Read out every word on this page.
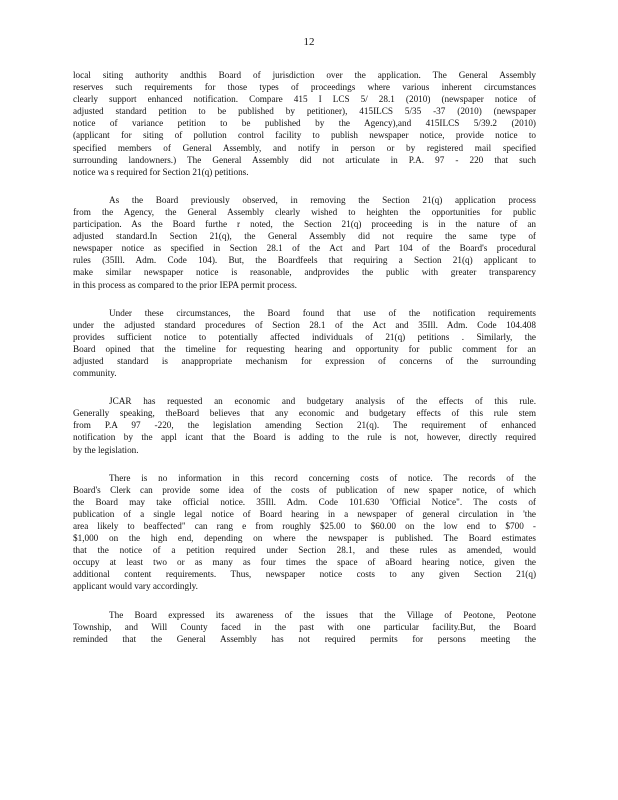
12

local siting authority andthis Board of jurisdiction over the application. The General Assembly
reserves such requirements for those types of proceedings where various inherent circumstances
clearly support enhanced notification. Compare 415 I LCS 5/ 28.1 (2010) (newspaper notice of
adjusted standard petition to be published by petitioner), 415ILCS 5/35 -37 (2010) (newspaper
notice of variance petition to be published by the Agency),and 415ILCS 5/39.2 (2010)
(applicant for siting of pollution control facility to publish newspaper notice, provide notice to
specified members of General Assembly, and notify in person or by registered mail specified
surrounding landowners.) The General Assembly did not articulate in P.A. 97 - 220 that such
notice wa s required for Section 21(q) petitions.

As the Board previously observed, in removing the Section 21(q) application process
from the Agency, the General Assembly clearly wished to heighten the opportunities for public
participation. As the Board furthe r noted, the Section 21(q) proceeding is in the nature of an
adjusted standard.In Section 21(q), the General Assembly did not require the same type of
newspaper notice as specified in Section 28.1 of the Act and Part 104 of the Board's procedural
rules (35Ill. Adm. Code 104). But, the Boardfeels that requiring a Section 21(q) applicant to
make similar newspaper notice is reasonable, andprovides the public with greater transparency
in this process as compared to the prior IEPA permit process.

Under these circumstances, the Board found that use of the notification requirements
under the adjusted standard procedures of Section 28.1 of the Act and 35Ill. Adm. Code 104.408
provides sufficient notice to potentially affected individuals of 21(q) petitions . Similarly, the
Board opined that the timeline for requesting hearing and opportunity for public comment for an
adjusted standard is anappropriate mechanism for expression of concerns of the surrounding
community.

JCAR has requested an economic and budgetary analysis of the effects of this rule.
Generally speaking, theBoard believes that any economic and budgetary effects of this rule stem
from P.A 97 -220, the legislation amending Section 21(q). The requirement of enhanced
notification by the appl icant that the Board is adding to the rule is not, however, directly required
by the legislation.

There is no information in this record concerning costs of notice. The records of the
Board's Clerk can provide some idea of the costs of publication of new spaper notice, of which
the Board may take official notice. 35Ill. Adm. Code 101.630 'Official Notice". The costs of
publication of a single legal notice of Board hearing in a newspaper of general circulation in 'the
area likely to beaffected" can rang e from roughly $25.00 to $60.00 on the low end to $700 -
$1,000 on the high end, depending on where the newspaper is published. The Board estimates
that the notice of a petition required under Section 28.1, and these rules as amended, would
occupy at least two or as many as four times the space of aBoard hearing notice, given the
additional content requirements. Thus, newspaper notice costs to any given Section 21(q)
applicant would vary accordingly.

The Board expressed its awareness of the issues that the Village of Peotone, Peotone
Township, and Will County faced in the past with one particular facility.But, the Board
reminded that the General Assembly has not required permits for persons meeting the
